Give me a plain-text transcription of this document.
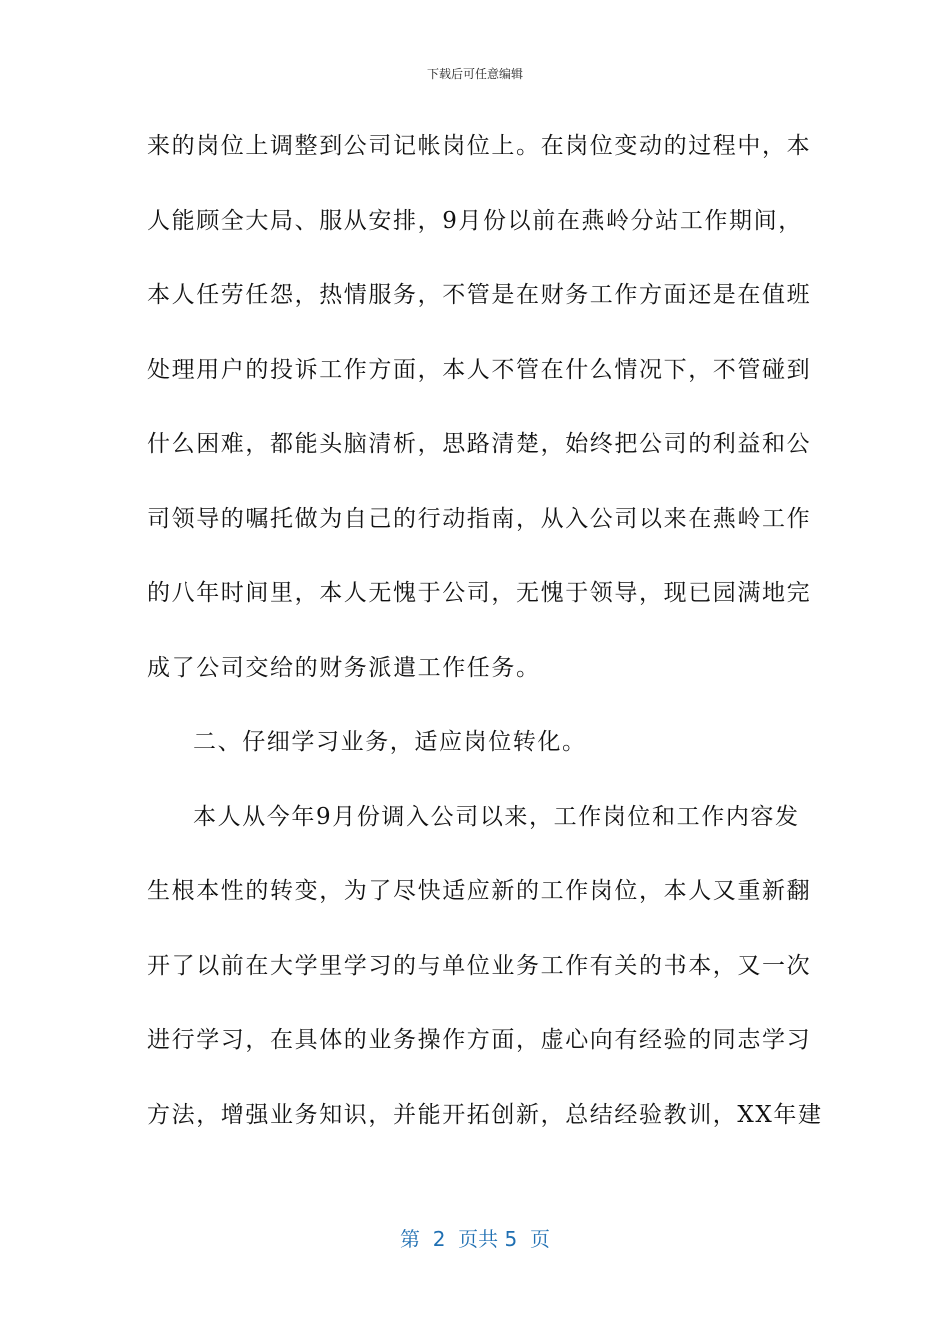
下载后可任意编辑
来的岗位上调整到公司记帐岗位上。在岗位变动的过程中，本
人能顾全大局、服从安排，9月份以前在燕岭分站工作期间，
本人任劳任怨，热情服务，不管是在财务工作方面还是在值班
处理用户的投诉工作方面，本人不管在什么情况下，不管碰到
什么困难，都能头脑清析，思路清楚，始终把公司的利益和公
司领导的嘱托做为自己的行动指南，从入公司以来在燕岭工作
的八年时间里，本人无愧于公司，无愧于领导，现已园满地完
成了公司交给的财务派遣工作任务。
二、仔细学习业务，适应岗位转化。
本人从今年9月份调入公司以来，工作岗位和工作内容发
生根本性的转变，为了尽快适应新的工作岗位，本人又重新翻
开了以前在大学里学习的与单位业务工作有关的书本，又一次
进行学习，在具体的业务操作方面，虚心向有经验的同志学习
方法，增强业务知识，并能开拓创新，总结经验教训，XX年建
第  2  页共 5  页
